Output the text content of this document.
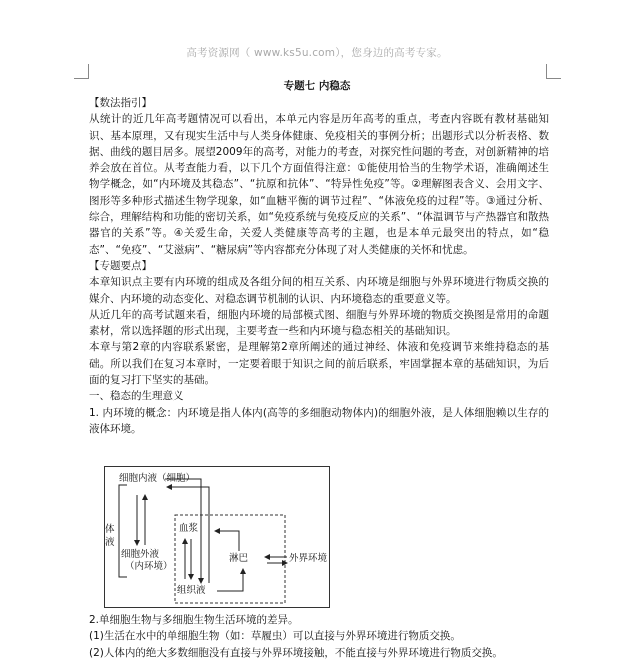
高考资源网（ www.ks5u.com），您身边的高考专家。
专题七 内稳态

【数法指引】

从统计的近几年高考题情况可以看出，本单元内容是历年高考的重点，考查内容既有教材基础知识、基本原理，又有现实生活中与人类身体健康、免疫相关的事例分析；出题形式以分析表格、数据、曲线的题目居多。展望2009年的高考，对能力的考查，对探究性问题的考查，对创新精神的培养会放在首位。从考查能力看，以下几个方面值得注意：①能使用恰当的生物学术语，准确阐述生物学概念，如“内环境及其稳态”、“抗原和抗体”、“特异性免疫”等。②理解图表含义、会用文字、图形等多种形式描述生物学现象，如“血糖平衡的调节过程”、“体液免疫的过程”等。③通过分析、综合，理解结构和功能的密切关系，如“免疫系统与免疫反应的关系”、“体温调节与产热器官和散热器官的关系”等。④关爱生命，关爱人类健康等高考的主题，也是本单元最突出的特点，如“稳态”、“免疫”、“艾滋病”、“糖尿病”等内容都充分体现了对人类健康的关怀和忧虑。

【专题要点】

本章知识点主要有内环境的组成及各组分间的相互关系、内环境是细胞与外界环境进行物质交换的媒介、内环境的动态变化、对稳态调节机制的认识、内环境稳态的重要意义等。

从近几年的高考试题来看，细胞内环境的局部模式图、细胞与外界环境的物质交换图是常用的命题素材，常以选择题的形式出现，主要考查一些和内环境与稳态相关的基础知识。

本章与第2章的内容联系紧密，是理解第2章所阐述的通过神经、体液和免疫调节来维持稳态的基础。所以我们在复习本章时，一定要着眼于知识之间的前后联系，牢固掌握本章的基础知识，为后面的复习打下坚实的基础。

一、稳态的生理意义

1. 内环境的概念：内环境是指人体内(高等的多细胞动物体内)的细胞外液，是人体细胞赖以生存的液体环境。

细胞内液（细胞）
体液
细胞外液
（内环境）
血浆
淋巴
组织液
外界环境

2.单细胞生物与多细胞生物生活环境的差异。

(1)生活在水中的单细胞生物（如：草履虫）可以直接与外界环境进行物质交换。

(2)人体内的绝大多数细胞没有直接与外界环境接触，不能直接与外界环境进行物质交换。
